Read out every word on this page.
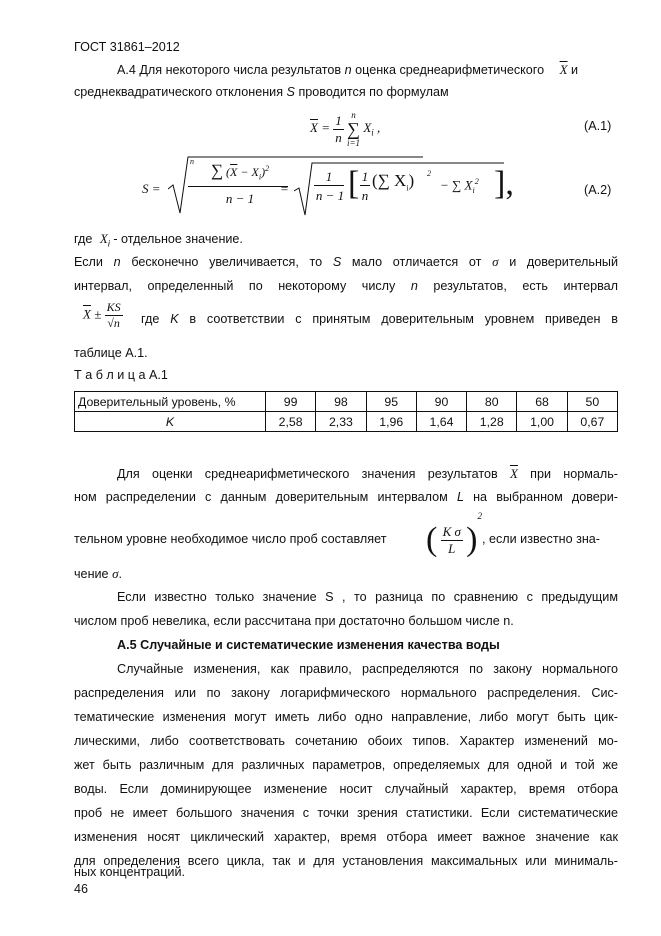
ГОСТ 31861–2012
А.4 Для некоторого числа результатов n оценка среднеарифметического $\overline{X}$ и
среднеквадратического отклонения S проводится по формулам
$\overline{X} = \frac{1}{n}$ n
∑
i=1 $X_i$ ,	(А.1)
S =
n ∑ $(\overline{X} - X_i)^2$
n − 1
=
1
n − 1 [ 1
n
(∑ $X_i$) 2
− ∑ $X_i^2$ ],	(А.2)
где $X_i$ - отдельное значение.
Если n бесконечно увеличивается, то S мало отличается от σ и доверительный
интервал, определенный по некоторому числу n результатов, есть интервал
$\overline{X} \pm \frac{KS}{√n}$ где K в соответствии с принятым доверительным уровнем приведен в
таблице А.1.
Т а б л и ц а А.1
Доверительный уровень, %	99	98	95	90	80	68	50
K	2,58	2,33	1,96	1,64	1,28	1,00	0,67
Для оценки среднеарифметического значения результатов $\overline{X}$ при нормаль-
ном распределении с данным доверительным интервалом L на выбранном довери-
тельном уровне необходимое число проб составляет ( $\frac{\text{K σ}}{L} )^2$
, если известно зна-
чение σ.
Если известно только значение S , то разница по сравнению с предыдущим
числом проб невелика, если рассчитана при достаточно большом числе n.
А.5 Случайные и систематические изменения качества воды
Случайные изменения, как правило, распределяются по закону нормального
распределения или по закону логарифмического нормального распределения. Сис-
тематические изменения могут иметь либо одно направление, либо могут быть цик-
лическими, либо соответствовать сочетанию обоих типов. Характер изменений мо-
жет быть различным для различных параметров, определяемых для одной и той же
воды. Если доминирующее изменение носит случайный характер, время отбора
проб не имеет большого значения с точки зрения статистики. Если систематические
изменения носят циклический характер, время отбора имеет важное значение как
для определения всего цикла, так и для установления максимальных или минималь-
ных концентраций.
46
